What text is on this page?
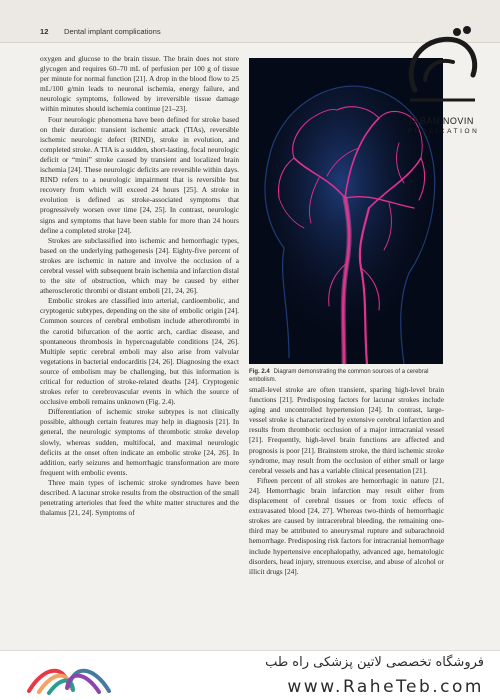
12 Dental implant complications

oxygen and glucose to the brain tissue. The brain does not store glycogen and requires 60–70 mL of perfusion per 100 g of tissue per minute for normal function [21]. A drop in the blood flow to 25 mL/100 g/min leads to neuronal ischemia, energy failure, and neurologic symptoms, followed by irreversible tissue damage within minutes should ischemia continue [21–23].

Four neurologic phenomena have been defined for stroke based on their duration: transient ischemic attack (TIAs), reversible ischemic neurologic defect (RIND), stroke in evolution, and completed stroke. A TIA is a sudden, short-lasting, focal neurologic deficit or “mini” stroke caused by transient and localized brain ischemia [24]. These neurologic deficits are reversible within days. RIND refers to a neurologic impairment that is reversible but recovery from which will exceed 24 hours [25]. A stroke in evolution is defined as stroke-associated symptoms that progressively worsen over time [24, 25]. In contrast, neurologic signs and symptoms that have been stable for more than 24 hours define a completed stroke [24].

Strokes are subclassified into ischemic and hemorrhagic types, based on the underlying pathogenesis [24]. Eighty-five percent of strokes are ischemic in nature and involve the occlusion of a cerebral vessel with subsequent brain ischemia and infarction distal to the site of obstruction, which may be caused by either atherosclerotic thrombi or distant emboli [21, 24, 26].

Embolic strokes are classified into arterial, cardioembolic, and cryptogenic subtypes, depending on the site of embolic origin [24]. Common sources of cerebral embolism include atherothrombi in the carotid bifurcation of the aortic arch, cardiac disease, and spontaneous thrombosis in hypercoagulable conditions [24, 26]. Multiple septic cerebral emboli may also arise from valvular vegetations in bacterial endocarditis [24, 26]. Diagnosing the exact source of embolism may be challenging, but this information is critical for reduction of stroke-related deaths [24]. Cryptogenic strokes refer to cerebrovascular events in which the source of occlusive emboli remains unknown (Fig. 2.4).

Differentiation of ischemic stroke subtypes is not clinically possible, although certain features may help in diagnosis [21]. In general, the neurologic symptoms of thrombotic stroke develop slowly, whereas sudden, multifocal, and maximal neurologic deficits at the onset often indicate an embolic stroke [24, 26]. In addition, early seizures and hemorrhagic transformation are more frequent with embolic events.

Three main types of ischemic stroke syndromes have been described. A lacunar stroke results from the obstruction of the small penetrating arterioles that feed the white matter structures and the thalamus [21, 24]. Symptoms of

Fig. 2.4 Diagram demonstrating the common sources of a cerebral embolism.

small-level stroke are often transient, sparing high-level brain functions [21]. Predisposing factors for lacunar strokes include aging and uncontrolled hypertension [24]. In contrast, large-vessel stroke is characterized by extensive cerebral infarction and results from thrombotic occlusion of a major intracranial vessel [21]. Frequently, high-level brain functions are affected and prognosis is poor [21]. Brainstem stroke, the third ischemic stroke syndrome, may result from the occlusion of either small or large cerebral vessels and has a variable clinical presentation [21].

Fifteen percent of all strokes are hemorrhagic in nature [21, 24]. Hemorrhagic brain infarction may result either from displacement of cerebral tissues or from toxic effects of extravasated blood [24, 27]. Whereas two-thirds of hemorrhagic strokes are caused by intracerebral bleeding, the remaining one-third may be attributed to aneurysmal rupture and subarachnoid hemorrhage. Predisposing risk factors for intracranial hemorrhage include hypertensive encephalopathy, advanced age, hematologic disorders, head injury, strenuous exercise, and abuse of alcohol or illicit drugs [24].

TABAN NOVIN
PUBLICATION
فروشگاه تخصصی لاتین پزشکی راه طب
www.RaheTeb.com
